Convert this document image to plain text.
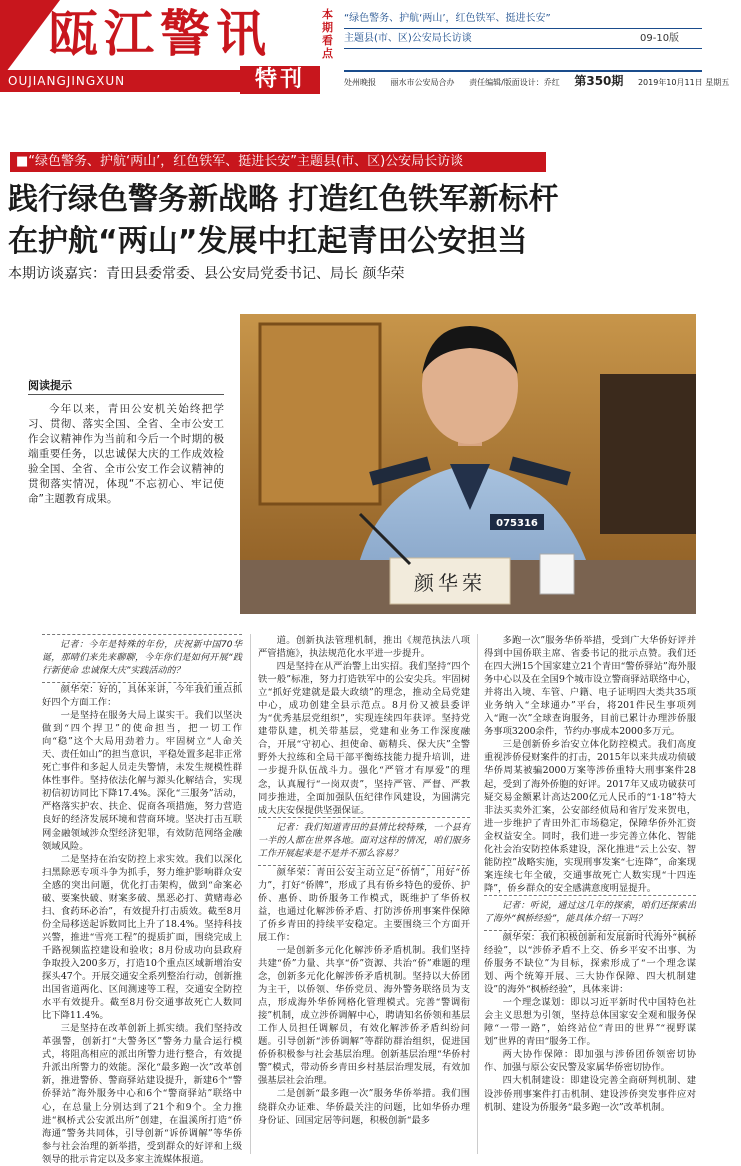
瓯江警讯
OUJIANGJINGXUN	特刊
本期看点
“绿色警务、护航‘两山’，红色铁军、挺进长安”
主题县(市、区)公安局长访谈	09-10版
处州晚报 丽水市公安局合办 责任编辑/版面设计：乔红 第350期 2019年10月11日 星期五
■“绿色警务、护航‘两山’，红色铁军、挺进长安”主题县(市、区)公安局长访谈
践行绿色警务新战略 打造红色铁军新标杆
在护航“两山”发展中扛起青田公安担当
本期访谈嘉宾：青田县委常委、县公安局党委书记、局长 颜华荣
075316
颜华荣
阅读提示
今年以来，青田公安机关始终把学习、贯彻、落实全国、全省、全市公安工作会议精神作为当前和今后一个时期的极端重要任务，以忠诚保大庆的工作成效检验全国、全省、全市公安工作会议精神的贯彻落实情况，体现“不忘初心、牢记使命”主题教育成果。

记者：今年是特殊的年份，庆祝新中国70华诞，那晴们来先来聊聊，今年你们是如何开展“践行新使命 忠诚保大庆”实践活动的？

颜华荣：好的，具体来讲，今年我们重点抓好四个方面工作：

一是坚持在服务大局上谋实干。我们以坚决做到“四个捍卫”的使命担当，把一切工作向“稳”这个大局用劲着力。牢固树立“人命关天、责任如山”的担当意识，平稳处置多起非正常死亡事件和多起人员走失警情，未发生规模性群体性事件。坚持依法化解与源头化解结合，实现初信初访同比下降17.4%。深化“三服务”活动，严格落实护农、扶企、促商各项措施，努力营造良好的经济发展环境和营商环境。坚决打击互联网金融领域涉众型经济犯罪，有效防范网络金融领域风险。

二是坚持在治安防控上求实效。我们以深化扫黑除恶专项斗争为抓手，努力维护影响群众安全感的突出问题，优化打击架构，做到“命案必破、要案快破、财案多破、黑恶必打、黄赌毒必扫、食药环必治”，有效提升打击质效。截至8月份全局移送起诉数同比上升了18.4%。坚持科技兴警，推进“雪亮工程”的提质扩面，围绕完成上千路视频监控建设和验收；8月份成功向县政府争取投入200多万，打造10个重点区域新增治安探头47个。开展交通安全系列整治行动，创新推出国省道两化、区间测速等工程，交通安全防控水平有效提升。截至8月份交通事故死亡人数同比下降11.4%。

三是坚持在改革创新上抓实绩。我们坚持改革强警，创新打“大警务区”警务力量合运行模式，将阻高相应的派出所警力进行整合，有效提升派出所警力的效能。深化“最多跑一次”改革创新，推进警侨、警商驿站建设提升，新建6个“警侨驿站”海外服务中心和6个“警商驿站”联络中心，在总量上分别达到了21个和9个。全力推进“枫桥式公安派出所”创建，在温溪所打造“侨海通”警务共同体，引导创新“诉侨调解”等华侨参与社会治理的新举措，受到群众的好评和上级领导的批示肯定以及多家主流媒体报道。

道。创新执法管理机制，推出《规范执法八项严管措施》，执法规范化水平进一步提升。

四是坚持在从严治警上出实招。我们坚持“四个铁一般”标准，努力打造铁军中的公安尖兵。牢固树立“抓好党建就是最大政绩”的理念，推动全局党建中心，成功创建全县示范点。8月份又被县委评为“优秀基层党组织”，实现连续四年获评。坚持党建带队建，机关带基层，党建和业务工作深度融合，开展“守初心、担使命、砺精兵、保大庆”全警野外大拉练和全局干部平衡练技能力提升培训，进一步提升队伍战斗力。强化“严管才有厚爱”的理念，认真履行“一岗双责”，坚持严管、严督、严教同步推进，全面加强队伍纪律作风建设，为圆满完成大庆安保提供坚强保证。

记者：我们知道青田的县情比较特殊，一个县有一半的人都在世界各地。面对这样的情况，咱们服务工作开展起来是不是并不那么容易？

颜华荣：青田公安主动立足“侨情”，用好“侨力”，打好“侨牌”，形成了具有侨乡特色的爱侨、护侨、惠侨、助侨服务工作模式，既维护了华侨权益，也通过化解涉侨矛盾、打防涉侨刑事案件保障了侨乡青田的持续平安稳定。主要围绕三个方面开展工作：

一是创新多元化化解涉侨矛盾机制。我们坚持共建“侨”力量、共享“侨”资源、共治“侨”难题的理念，创新多元化化解涉侨矛盾机制。坚持以大侨团为主干，以侨领、华侨党员、海外警务联络员为支点，形成海外华侨网格化管理模式。完善“警调衔接”机制，成立涉侨调解中心，聘请知名侨领和基层工作人员担任调解员，有效化解涉侨矛盾纠纷问题。引导创新“涉侨调解”等群防群治组织，促进国侨侨积极参与社会基层治理。创新基层治理“华侨村警”模式，带动侨乡青田乡村基层治理发展，有效加强基层社会治理。

二是创新“最多跑一次”服务华侨举措。我们围绕群众办证难、华侨最关注的问题，比如华侨办理身份证、回国定居等问题，积极创新“最多

多跑一次”服务华侨举措，受到广大华侨好评并得到中国侨联主席、省委书记的批示点赞。我们还在四大洲15个国家建立21个青田“警侨驿站”海外服务中心以及在全国9个城市设立警商驿站联络中心，并将出入境、车管、户籍、电子证明四大类共35项业务纳入“全球通办”平台，将201件民生事项列入“跑一次”全球查询服务，目前已累计办理涉侨服务事项3200余件，节约办事成本2000多万元。

三是创新侨乡治安立体化防控模式。我们高度重视涉侨侵财案件的打击，2015年以来共成功侦破华侨周某被骗2000万案等涉侨重特大刑事案件28起，受到了海外侨胞的好评。2017年又成功破获可疑交易金额累计高达200亿元人民币的“1·18”特大非法买卖外汇案，公安部经侦局和省厅发来贺电，进一步维护了青田外汇市场稳定，保障华侨外汇资金权益安全。同时，我们进一步完善立体化、智能化社会治安防控体系建设，深化推进“云上公安、智能防控”战略实施，实现刑事发案“七连降”，命案现案连续七年全破，交通事故死亡人数实现“十四连降”，侨乡群众的安全感满意度明显提升。

记者：听说，通过这几年的探索，咱们还探索出了海外“枫桥经验”，能具体介绍一下吗？

颜华荣：我们积极创新和发展新时代海外“枫桥经验”，以“涉侨矛盾不上交、侨乡平安不出事、为侨服务不缺位”为目标，探索形成了“一个理念谋划、两个统筹开展、三大协作保障、四大机制建设”的海外“枫桥经验”，具体来讲：

一个理念谋划：即以习近平新时代中国特色社会主义思想为引领，坚持总体国家安全观和服务保障“一带一路”，始终站位“青田的世界”“视野谋划”世界的青田“服务工作。

两大协作保障：即加强与涉侨团侨领密切协作、加强与原公安民警及家属华侨密切协作。

四大机制建设：即建设完善全商研判机制、建设涉侨刑事案件打击机制、建设涉侨突发事件应对机制、建设为侨服务“最多跑一次”改革机制。
